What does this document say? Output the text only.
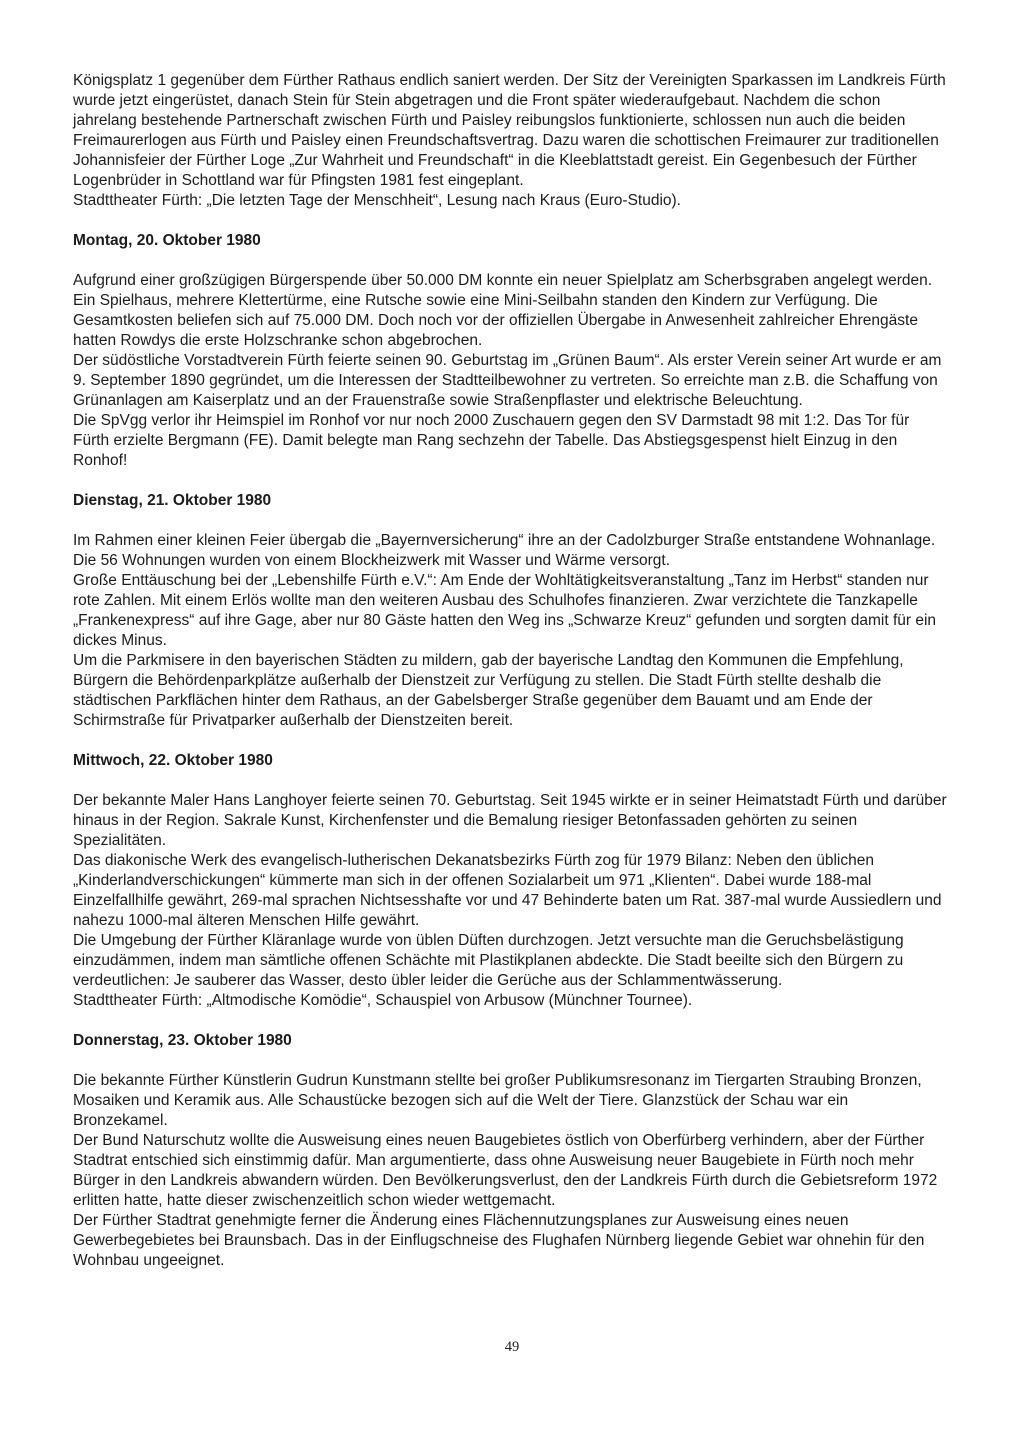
Königsplatz 1 gegenüber dem Fürther Rathaus endlich saniert werden. Der Sitz der Vereinigten Sparkassen im Landkreis Fürth wurde jetzt eingerüstet, danach Stein für Stein abgetragen und die Front später wiederaufgebaut. Nachdem die schon jahrelang bestehende Partnerschaft zwischen Fürth und Paisley reibungslos funktionierte, schlossen nun auch die beiden Freimaurerlogen aus Fürth und Paisley einen Freundschaftsvertrag. Dazu waren die schottischen Freimaurer zur traditionellen Johannisfeier der Fürther Loge „Zur Wahrheit und Freundschaft“ in die Kleeblattstadt gereist. Ein Gegenbesuch der Fürther Logenbrüder in Schottland war für Pfingsten 1981 fest eingeplant.

Stadttheater Fürth: „Die letzten Tage der Menschheit“, Lesung nach Kraus (Euro-Studio).

Montag, 20. Oktober 1980

Aufgrund einer großzügigen Bürgerspende über 50.000 DM konnte ein neuer Spielplatz am Scherbsgraben angelegt werden. Ein Spielhaus, mehrere Klettertürme, eine Rutsche sowie eine Mini-Seilbahn standen den Kindern zur Verfügung. Die Gesamtkosten beliefen sich auf 75.000 DM. Doch noch vor der offiziellen Übergabe in Anwesenheit zahlreicher Ehrengäste hatten Rowdys die erste Holzschranke schon abgebrochen.

Der südöstliche Vorstadtverein Fürth feierte seinen 90. Geburtstag im „Grünen Baum“. Als erster Verein seiner Art wurde er am 9. September 1890 gegründet, um die Interessen der Stadtteilbewohner zu vertreten. So erreichte man z.B. die Schaffung von Grünanlagen am Kaiserplatz und an der Frauenstraße sowie Straßenpflaster und elektrische Beleuchtung.

Die SpVgg verlor ihr Heimspiel im Ronhof vor nur noch 2000 Zuschauern gegen den SV Darmstadt 98 mit 1:2. Das Tor für Fürth erzielte Bergmann (FE). Damit belegte man Rang sechzehn der Tabelle. Das Abstiegsgespenst hielt Einzug in den Ronhof!

Dienstag, 21. Oktober 1980

Im Rahmen einer kleinen Feier übergab die „Bayernversicherung“ ihre an der Cadolzburger Straße entstandene Wohnanlage. Die 56 Wohnungen wurden von einem Blockheizwerk mit Wasser und Wärme versorgt.

Große Enttäuschung bei der „Lebenshilfe Fürth e.V.“: Am Ende der Wohltätigkeitsveranstaltung „Tanz im Herbst“ standen nur rote Zahlen. Mit einem Erlös wollte man den weiteren Ausbau des Schulhofes finanzieren. Zwar verzichtete die Tanzkapelle „Frankenexpress“ auf ihre Gage, aber nur 80 Gäste hatten den Weg ins „Schwarze Kreuz“ gefunden und sorgten damit für ein dickes Minus.

Um die Parkmisere in den bayerischen Städten zu mildern, gab der bayerische Landtag den Kommunen die Empfehlung, Bürgern die Behördenparkplätze außerhalb der Dienstzeit zur Verfügung zu stellen. Die Stadt Fürth stellte deshalb die städtischen Parkflächen hinter dem Rathaus, an der Gabelsberger Straße gegenüber dem Bauamt und am Ende der Schirmstraße für Privatparker außerhalb der Dienstzeiten bereit.

Mittwoch, 22. Oktober 1980

Der bekannte Maler Hans Langhoyer feierte seinen 70. Geburtstag. Seit 1945 wirkte er in seiner Heimatstadt Fürth und darüber hinaus in der Region. Sakrale Kunst, Kirchenfenster und die Bemalung riesiger Betonfassaden gehörten zu seinen Spezialitäten.

Das diakonische Werk des evangelisch-lutherischen Dekanatsbezirks Fürth zog für 1979 Bilanz: Neben den üblichen „Kinderlandverschickungen“ kümmerte man sich in der offenen Sozialarbeit um 971 „Klienten“. Dabei wurde 188-mal Einzelfallhilfe gewährt, 269-mal sprachen Nichtsesshafte vor und 47 Behinderte baten um Rat. 387-mal wurde Aussiedlern und nahezu 1000-mal älteren Menschen Hilfe gewährt.

Die Umgebung der Fürther Kläranlage wurde von üblen Düften durchzogen. Jetzt versuchte man die Geruchsbelästigung einzudämmen, indem man sämtliche offenen Schächte mit Plastikplanen abdeckte. Die Stadt beeilte sich den Bürgern zu verdeutlichen: Je sauberer das Wasser, desto übler leider die Gerüche aus der Schlammentwässerung.

Stadttheater Fürth: „Altmodische Komödie“, Schauspiel von Arbusow (Münchner Tournee).

Donnerstag, 23. Oktober 1980

Die bekannte Fürther Künstlerin Gudrun Kunstmann stellte bei großer Publikumsresonanz im Tiergarten Straubing Bronzen, Mosaiken und Keramik aus. Alle Schaustücke bezogen sich auf die Welt der Tiere. Glanzstück der Schau war ein Bronzekamel.

Der Bund Naturschutz wollte die Ausweisung eines neuen Baugebietes östlich von Oberfürberg verhindern, aber der Fürther Stadtrat entschied sich einstimmig dafür. Man argumentierte, dass ohne Ausweisung neuer Baugebiete in Fürth noch mehr Bürger in den Landkreis abwandern würden. Den Bevölkerungsverlust, den der Landkreis Fürth durch die Gebietsreform 1972 erlitten hatte, hatte dieser zwischenzeitlich schon wieder wettgemacht.

Der Fürther Stadtrat genehmigte ferner die Änderung eines Flächennutzungsplanes zur Ausweisung eines neuen Gewerbegebietes bei Braunsbach. Das in der Einflugschneise des Flughafen Nürnberg liegende Gebiet war ohnehin für den Wohnbau ungeeignet.

49
